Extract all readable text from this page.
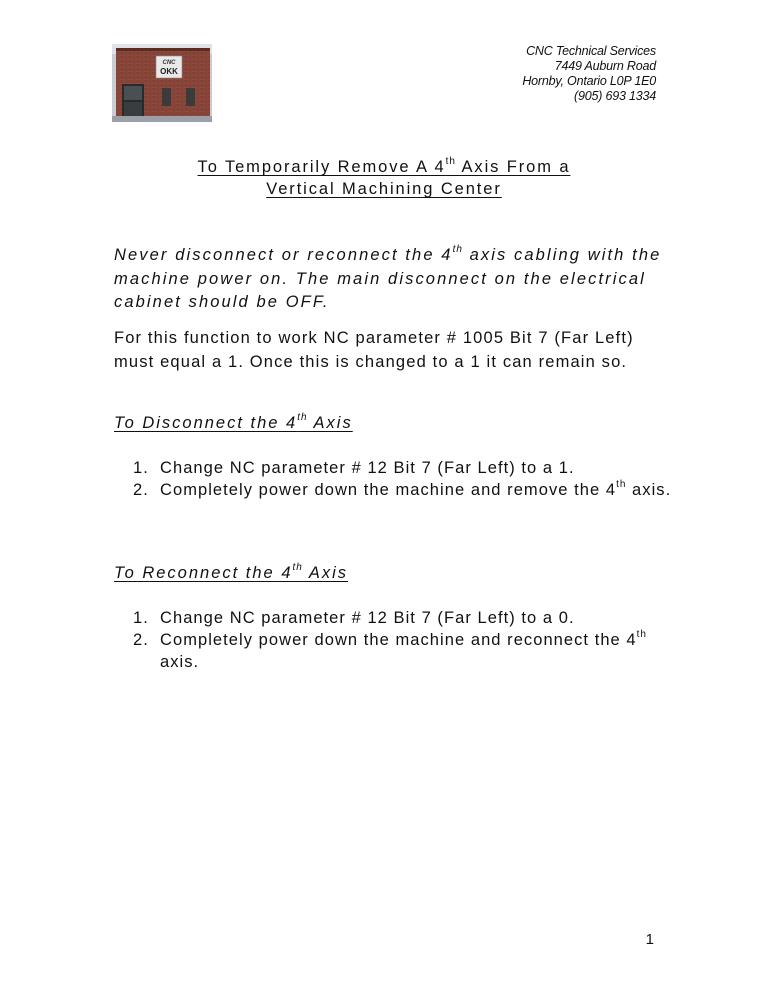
CNC
OKK
CNC Technical Services
7449 Auburn Road
Hornby, Ontario L0P 1E0
(905) 693 1334
To Temporarily Remove A 4th Axis From a
Vertical Machining Center
Never disconnect or reconnect the 4th axis cabling with the machine power on. The main disconnect on the electrical cabinet should be OFF.
For this function to work NC parameter # 1005 Bit 7 (Far Left) must equal a 1. Once this is changed to a 1 it can remain so.
To Disconnect the 4th Axis
1. Change NC parameter # 12 Bit 7 (Far Left) to a 1.
2. Completely power down the machine and remove the 4th axis.
To Reconnect the 4th Axis
1. Change NC parameter # 12 Bit 7 (Far Left) to a 0.
2. Completely power down the machine and reconnect the 4th axis.
1
